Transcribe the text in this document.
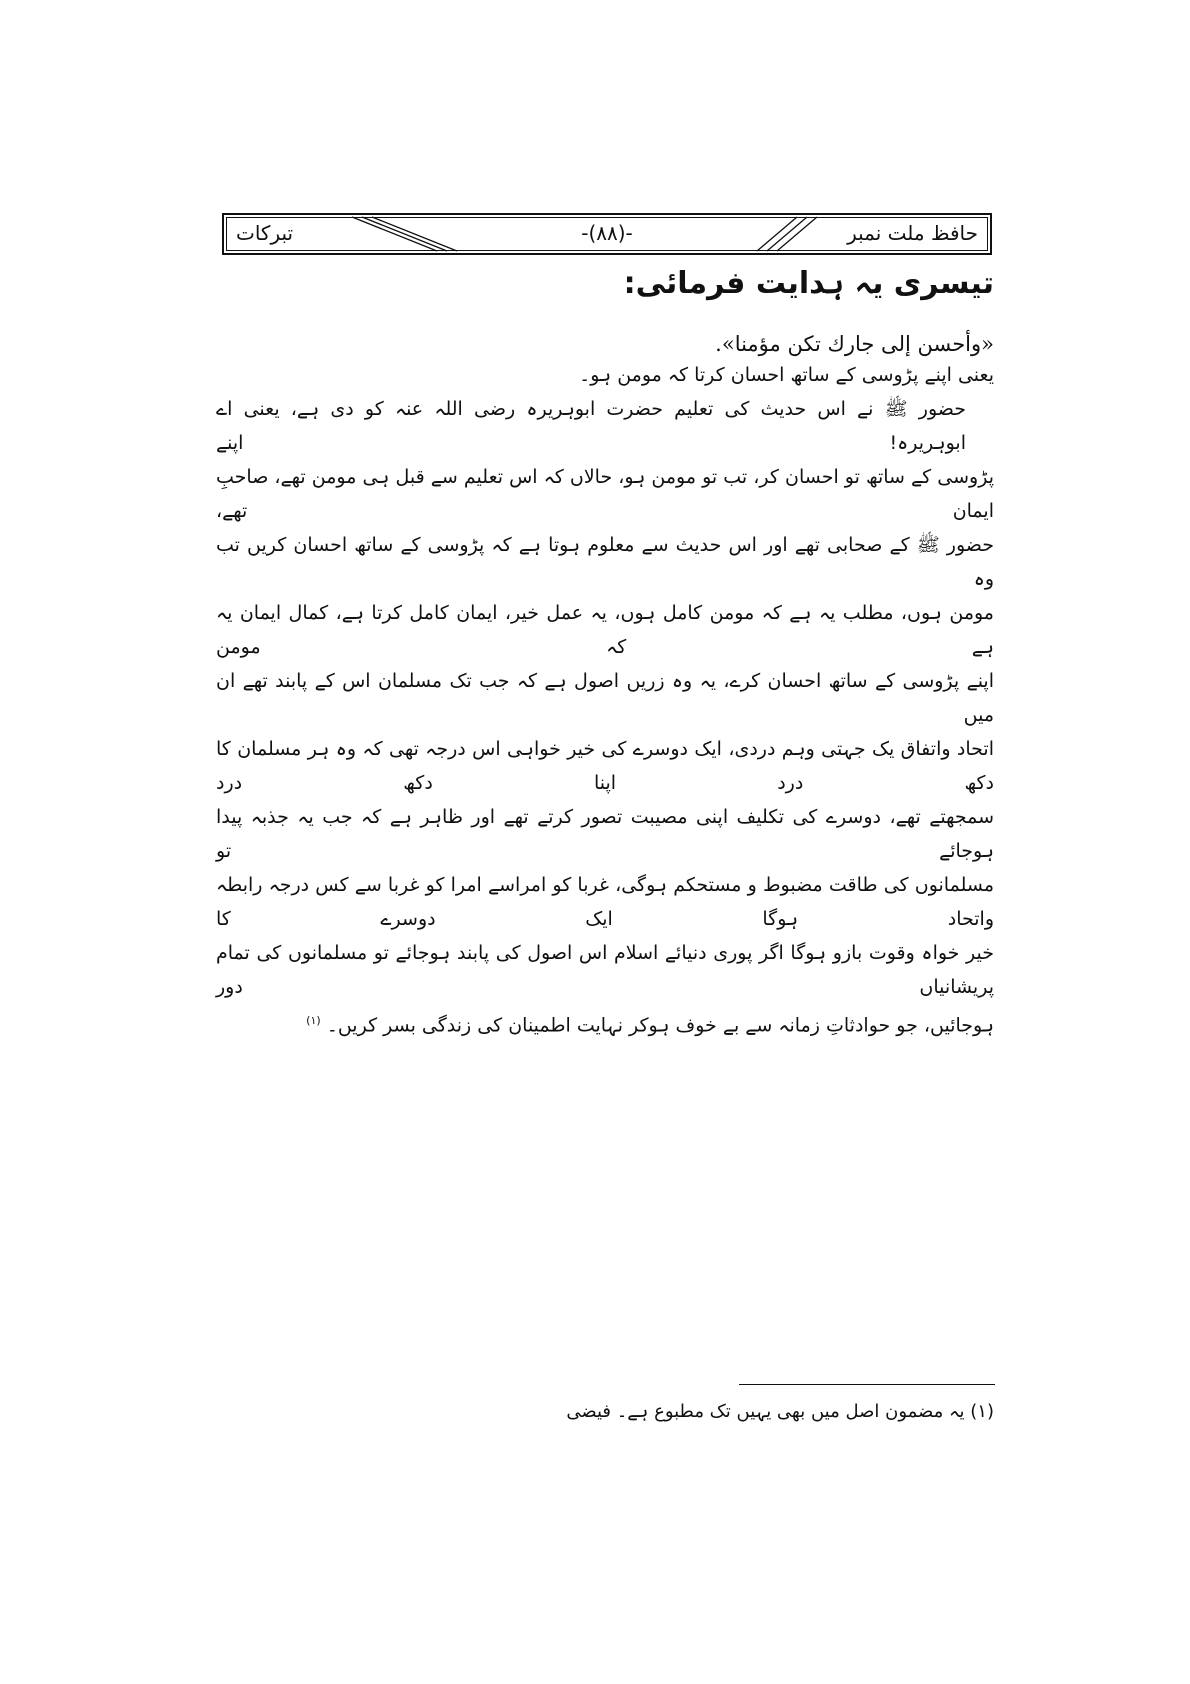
حافظ ملت نمبر
-(۸۸)-
تبرکات
تیسری یہ ہدایت فرمائی:
«وأحسن إلى جارك تكن مؤمنا».
یعنی اپنے پڑوسی کے ساتھ احسان کرتا کہ مومن ہو۔
حضور ﷺ نے اس حدیث کی تعلیم حضرت ابوہریرہ رضی اللہ عنہ کو دی ہے، یعنی اے ابوہریرہ! اپنے
پڑوسی کے ساتھ تو احسان کر، تب تو مومن ہو، حالاں کہ اس تعلیم سے قبل ہی مومن تھے، صاحبِ ایمان تھے،
حضور ﷺ کے صحابی تھے اور اس حدیث سے معلوم ہوتا ہے کہ پڑوسی کے ساتھ احسان کریں تب وہ
مومن ہوں، مطلب یہ ہے کہ مومن کامل ہوں، یہ عمل خیر، ایمان کامل کرتا ہے، کمال ایمان یہ ہے کہ مومن
اپنے پڑوسی کے ساتھ احسان کرے، یہ وہ زریں اصول ہے کہ جب تک مسلمان اس کے پابند تھے ان میں
اتحاد واتفاق یک جہتی وہم دردی، ایک دوسرے کی خیر خواہی اس درجہ تھی کہ وہ ہر مسلمان کا دکھ درد اپنا دکھ درد
سمجھتے تھے، دوسرے کی تکلیف اپنی مصیبت تصور کرتے تھے اور ظاہر ہے کہ جب یہ جذبہ پیدا ہوجائے تو
مسلمانوں کی طاقت مضبوط و مستحکم ہوگی، غربا کو امراسے امرا کو غربا سے کس درجہ رابطہ واتحاد ہوگا ایک دوسرے کا
خیر خواہ وقوت بازو ہوگا اگر پوری دنیائے اسلام اس اصول کی پابند ہوجائے تو مسلمانوں کی تمام پریشانیاں دور
ہوجائیں، جو حوادثاتِ زمانہ سے بے خوف ہوکر نہایت اطمینان کی زندگی بسر کریں۔ $^{(۱)}$
(۱) یہ مضمون اصل میں بھی یہیں تک مطبوع ہے۔ فیضی
